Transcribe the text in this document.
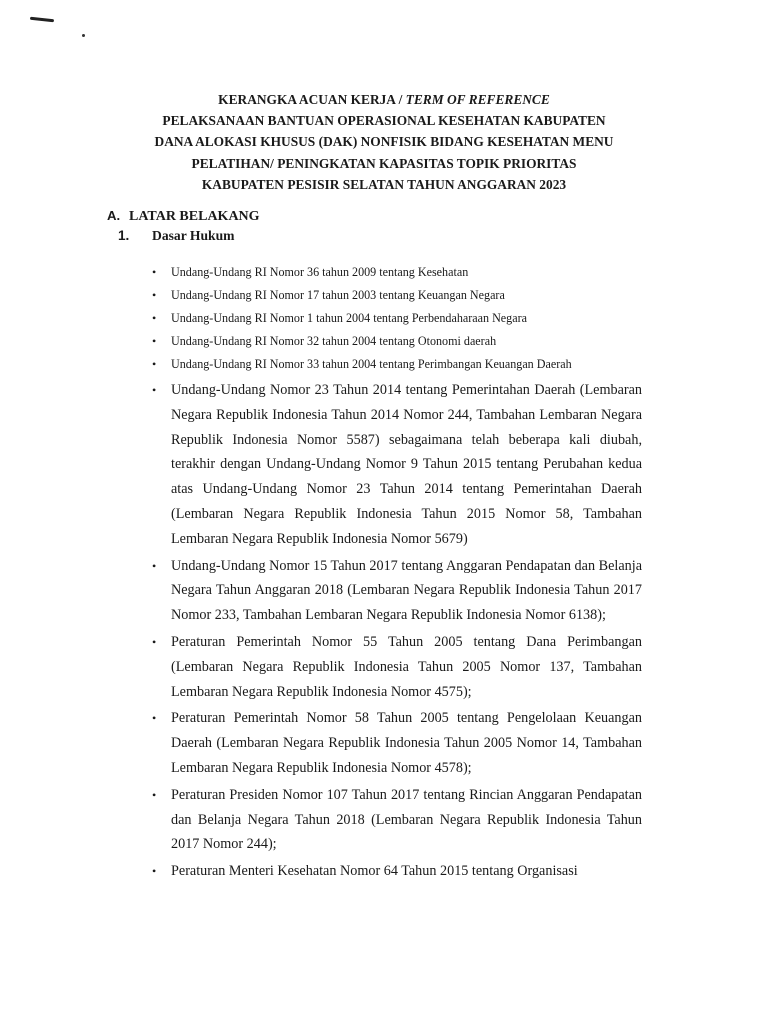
KERANGKA ACUAN KERJA / TERM OF REFERENCE
PELAKSANAAN BANTUAN OPERASIONAL KESEHATAN KABUPATEN
DANA ALOKASI KHUSUS (DAK) NONFISIK BIDANG KESEHATAN MENU
PELATIHAN/ PENINGKATAN KAPASITAS TOPIK PRIORITAS
KABUPATEN PESISIR SELATAN TAHUN ANGGARAN 2023
A. LATAR BELAKANG
1. Dasar Hukum
• Undang-Undang RI Nomor 36 tahun 2009 tentang Kesehatan
• Undang-Undang RI Nomor 17 tahun 2003 tentang Keuangan Negara
• Undang-Undang RI Nomor 1 tahun 2004 tentang Perbendaharaan Negara
• Undang-Undang RI Nomor 32 tahun 2004 tentang Otonomi daerah
• Undang-Undang RI Nomor 33 tahun 2004 tentang Perimbangan Keuangan Daerah
• Undang-Undang Nomor 23 Tahun 2014 tentang Pemerintahan Daerah (Lembaran Negara Republik Indonesia Tahun 2014 Nomor 244, Tambahan Lembaran Negara Republik Indonesia Nomor 5587) sebagaimana telah beberapa kali diubah, terakhir dengan Undang-Undang Nomor 9 Tahun 2015 tentang Perubahan kedua atas Undang-Undang Nomor 23 Tahun 2014 tentang Pemerintahan Daerah (Lembaran Negara Republik Indonesia Tahun 2015 Nomor 58, Tambahan Lembaran Negara Republik Indonesia Nomor 5679)
• Undang-Undang Nomor 15 Tahun 2017 tentang Anggaran Pendapatan dan Belanja Negara Tahun Anggaran 2018 (Lembaran Negara Republik Indonesia Tahun 2017 Nomor 233, Tambahan Lembaran Negara Republik Indonesia Nomor 6138);
• Peraturan Pemerintah Nomor 55 Tahun 2005 tentang Dana Perimbangan (Lembaran Negara Republik Indonesia Tahun 2005 Nomor 137, Tambahan Lembaran Negara Republik Indonesia Nomor 4575);
• Peraturan Pemerintah Nomor 58 Tahun 2005 tentang Pengelolaan Keuangan Daerah (Lembaran Negara Republik Indonesia Tahun 2005 Nomor 14, Tambahan Lembaran Negara Republik Indonesia Nomor 4578);
• Peraturan Presiden Nomor 107 Tahun 2017 tentang Rincian Anggaran Pendapatan dan Belanja Negara Tahun 2018 (Lembaran Negara Republik Indonesia Tahun 2017 Nomor 244);
• Peraturan Menteri Kesehatan Nomor 64 Tahun 2015 tentang Organisasi
